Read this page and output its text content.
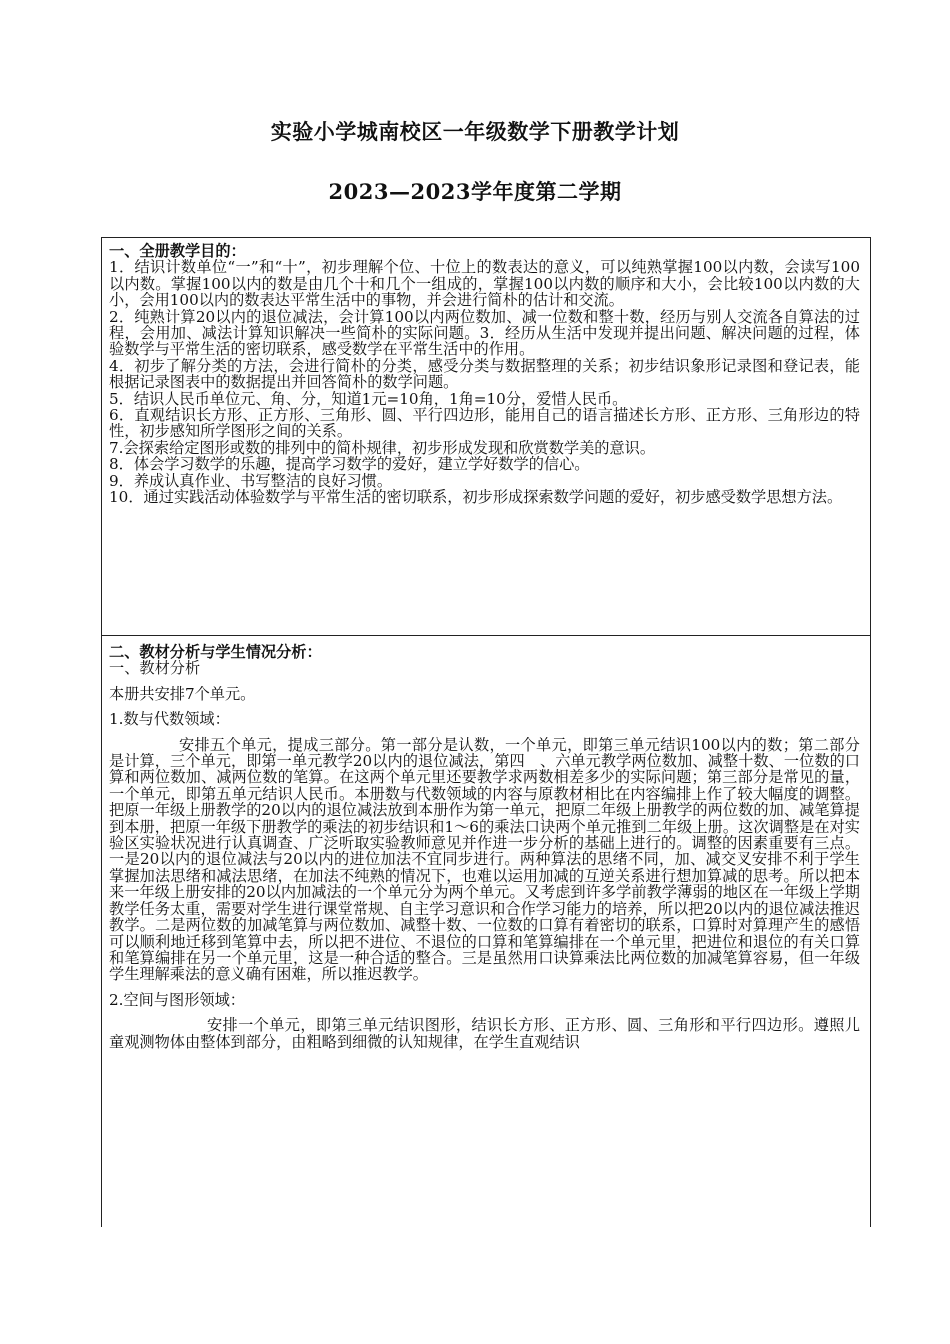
实验小学城南校区一年级数学下册教学计划
2023—2023学年度第二学期

一、全册教学目的：

1．结识计数单位“一”和“十”，初步理解个位、十位上的数表达的意义，可以纯熟掌握100以内数，会读写100以内数。掌握100以内的数是由几个十和几个一组成的，掌握100以内数的顺序和大小，会比较100以内数的大小，会用100以内的数表达平常生活中的事物，并会进行简朴的估计和交流。

2．纯熟计算20以内的退位减法，会计算100以内两位数加、减一位数和整十数，经历与别人交流各自算法的过程，会用加、减法计算知识解决一些简朴的实际问题。3．经历从生活中发现并提出问题、解决问题的过程，体验数学与平常生活的密切联系，感受数学在平常生活中的作用。

4．初步了解分类的方法，会进行简朴的分类，感受分类与数据整理的关系；初步结识象形记录图和登记表，能根据记录图表中的数据提出并回答简朴的数学问题。

5．结识人民币单位元、角、分，知道1元=10角，1角=10分，爱惜人民币。

6．直观结识长方形、正方形、三角形、圆、平行四边形，能用自己的语言描述长方形、正方形、三角形边的特性，初步感知所学图形之间的关系。

7.会探索给定图形或数的排列中的简朴规律，初步形成发现和欣赏数学美的意识。

8．体会学习数学的乐趣，提高学习数学的爱好，建立学好数学的信心。

9．养成认真作业、书写整洁的良好习惯。

10．通过实践活动体验数学与平常生活的密切联系，初步形成探索数学问题的爱好，初步感受数学思想方法。

二、教材分析与学生情况分析：

一、教材分析

本册共安排7个单元。

1.数与代数领域：

安排五个单元，提成三部分。第一部分是认数，一个单元，即第三单元结识100以内的数；第二部分是计算，三个单元，即第一单元教学20以内的退位减法，第四　、六单元教学两位数加、减整十数、一位数的口算和两位数加、减两位数的笔算。在这两个单元里还要教学求两数相差多少的实际问题；第三部分是常见的量，一个单元，即第五单元结识人民币。本册数与代数领域的内容与原教材相比在内容编排上作了较大幅度的调整。把原一年级上册教学的20以内的退位减法放到本册作为第一单元，把原二年级上册教学的两位数的加、减笔算提到本册，把原一年级下册教学的乘法的初步结识和1～6的乘法口诀两个单元推到二年级上册。这次调整是在对实验区实验状况进行认真调查、广泛听取实验教师意见并作进一步分析的基础上进行的。调整的因素重要有三点。一是20以内的退位减法与20以内的进位加法不宜同步进行。两种算法的思绪不同，加、减交叉安排不利于学生掌握加法思绪和减法思绪，在加法不纯熟的情况下，也难以运用加减的互逆关系进行想加算减的思考。所以把本来一年级上册安排的20以内加减法的一个单元分为两个单元。又考虑到许多学前教学薄弱的地区在一年级上学期教学任务太重，需要对学生进行课堂常规、自主学习意识和合作学习能力的培养，所以把20以内的退位减法推迟教学。二是两位数的加减笔算与两位数加、减整十数、一位数的口算有着密切的联系，口算时对算理产生的感悟可以顺利地迁移到笔算中去，所以把不进位、不退位的口算和笔算编排在一个单元里，把进位和退位的有关口算和笔算编排在另一个单元里，这是一种合适的整合。三是虽然用口诀算乘法比两位数的加减笔算容易，但一年级学生理解乘法的意义确有困难，所以推迟教学。

2.空间与图形领域：

安排一个单元，即第三单元结识图形，结识长方形、正方形、圆、三角形和平行四边形。遵照儿童观测物体由整体到部分，由粗略到细微的认知规律，在学生直观结识
